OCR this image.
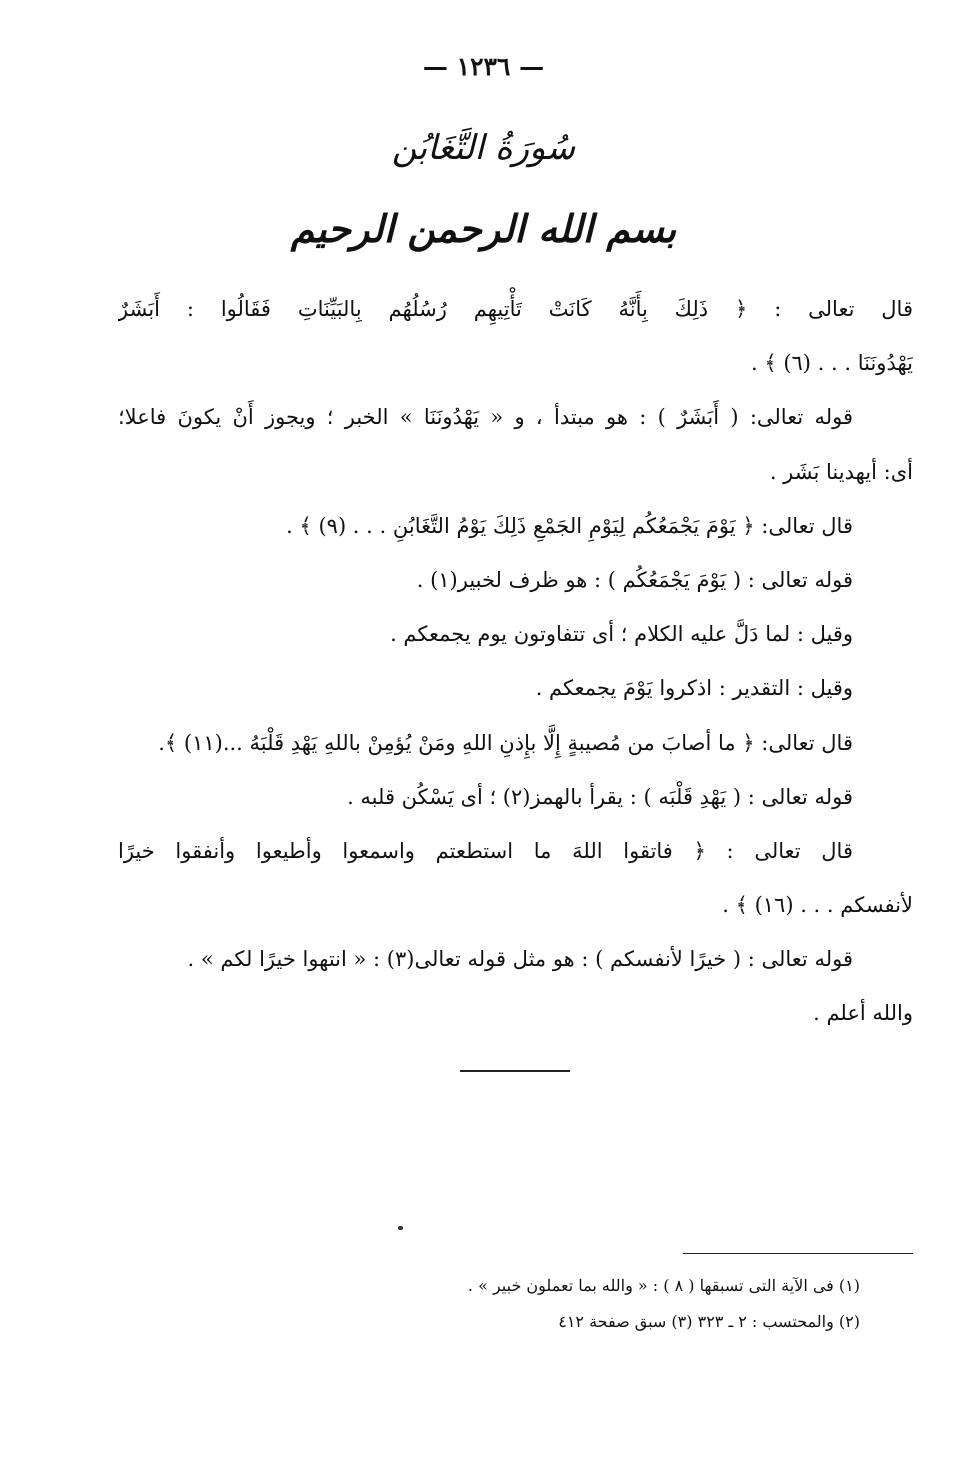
— ١٢٣٦ —
سُورَةُ التَّغَابُن
بسم الله الرحمن الرحيم
قال تعالى : ﴿ ذَلِكَ بِأَنَّهُ كَانَتْ تَأْتِيهِم رُسُلُهُم بِالبَيِّنَاتِ فَقَالُوا : أَبَشَرٌ
يَهْدُونَنَا . . . (٦) ﴾ .
قوله تعالى: ( أَبَشَرٌ ) : هو مبتدأ ، و « يَهْدُونَنَا » الخبر ؛ ويجوز أَنْ يكونَ فاعلا؛
أى: أيهدينا بَشَر .
قال تعالى: ﴿ يَوْمَ يَجْمَعُكُم لِيَوْمِ الجَمْعِ ذَلِكَ يَوْمُ التَّغَابُنِ . . . (٩) ﴾ .
قوله تعالى : ( يَوْمَ يَجْمَعُكُم ) : هو ظرف لخبير(١) .
وقيل : لما دَلَّ عليه الكلام ؛ أى تتفاوتون يوم يجمعكم .
وقيل : التقدير : اذكروا يَوْمَ يجمعكم .
قال تعالى: ﴿ ما أصابَ من مُصيبةٍ إِلَّا بإِذنِ اللهِ ومَنْ يُؤمِنْ باللهِ يَهْدِ قَلْبَهُ ...(١١) ﴾.
قوله تعالى : ( يَهْدِ قَلْبَه ) : يقرأ بالهمز(٢) ؛ أى يَسْكُن قلبه .
قال تعالى : ﴿ فاتقوا اللهَ ما استطعتم واسمعوا وأطيعوا وأنفقوا خيرًا
لأنفسكم . . . (١٦) ﴾ .
قوله تعالى : ( خيرًا لأنفسكم ) : هو مثل قوله تعالى(٣) : « انتهوا خيرًا لكم » .
والله أعلم .
(١) فى الآية التى تسبقها ( ٨ ) : « والله بما تعملون خبير » .
(٢) والمحتسب : ٢ ـ ٣٢٣ (٣) سبق صفحة ٤١٢
